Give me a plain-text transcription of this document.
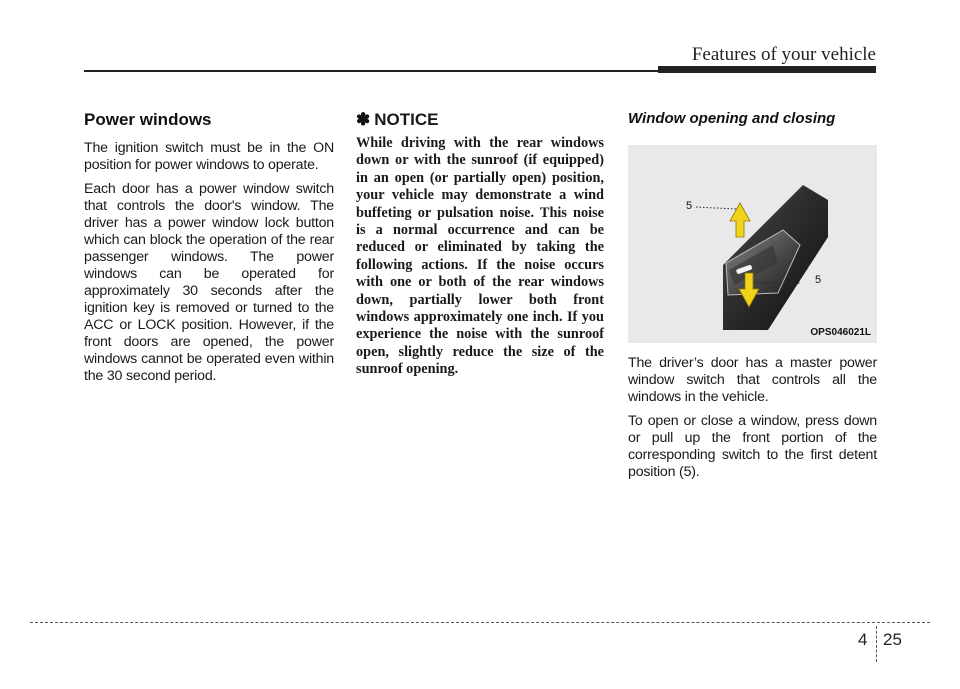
Features of your vehicle
Power windows

The ignition switch must be in the ON position for power windows to operate.

Each door has a power window switch that controls the door's window. The driver has a power window lock button which can block the operation of the rear passenger windows. The power windows can be operated for approximately 30 seconds after the ignition key is removed or turned to the ACC or LOCK position. However, if the front doors are opened, the power windows cannot be operated even within the 30 second period.

✽ NOTICE

While driving with the rear windows down or with the sunroof (if equipped) in an open (or partially open) position, your vehicle may demonstrate a wind buffeting or pulsation noise. This noise is a normal occurrence and can be reduced or eliminated by taking the following actions. If the noise occurs with one or both of the rear windows down, partially lower both front windows approximately one inch. If you experience the noise with the sunroof open, slightly reduce the size of the sunroof opening.

Window opening and closing
5
5
OPS046021L

The driver’s door has a master power window switch that controls all the windows in the vehicle.

To open or close a window, press down or pull up the front portion of the corresponding switch to the first detent position (5).

4 25
